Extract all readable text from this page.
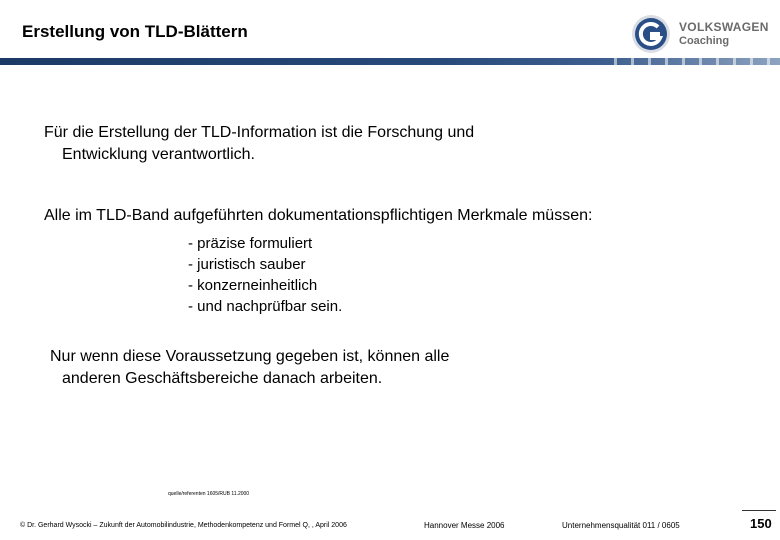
Erstellung von TLD-Blättern	VOLKSWAGEN
Coaching
Für die Erstellung der TLD-Information ist die Forschung und
Entwicklung verantwortlich.
Alle im TLD-Band aufgeführten dokumentationspflichtigen Merkmale müssen:
- präzise formuliert
- juristisch sauber
- konzerneinheitlich
- und nachprüfbar sein.
Nur wenn diese Voraussetzung gegeben ist, können alle
anderen Geschäftsbereiche danach arbeiten.
quelle/referenten 1605/RUB 11.2000
© Dr. Gerhard Wysocki – Zukunft der Automobilindustrie, Methodenkompetenz und Formel Q, , April 2006	Hannover Messe 2006	Unternehmensqualität 011 / 0605	150
